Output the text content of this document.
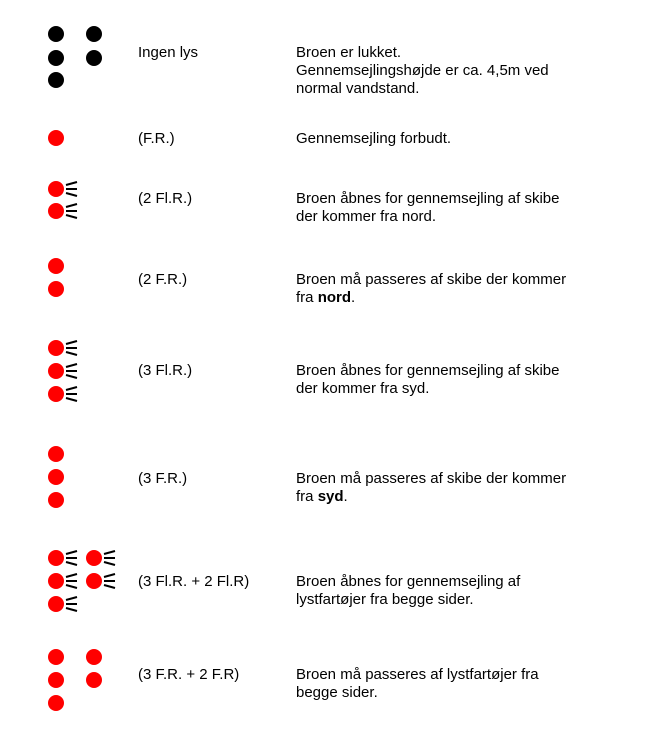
Ingen lys	Broen er lukket.
Gennemsejlingshøjde er ca. 4,5m ved
normal vandstand.
(F.R.)	Gennemsejling forbudt.
(2 Fl.R.)	Broen åbnes for gennemsejling af skibe
der kommer fra nord.
(2 F.R.)	Broen må passeres af skibe der kommer
fra nord.
(3 Fl.R.)	Broen åbnes for gennemsejling af skibe
der kommer fra syd.
(3 F.R.)	Broen må passeres af skibe der kommer
fra syd.
(3 Fl.R. + 2 Fl.R)	Broen åbnes for gennemsejling af
lystfartøjer fra begge sider.
(3 F.R. + 2 F.R)	Broen må passeres af lystfartøjer fra
begge sider.
